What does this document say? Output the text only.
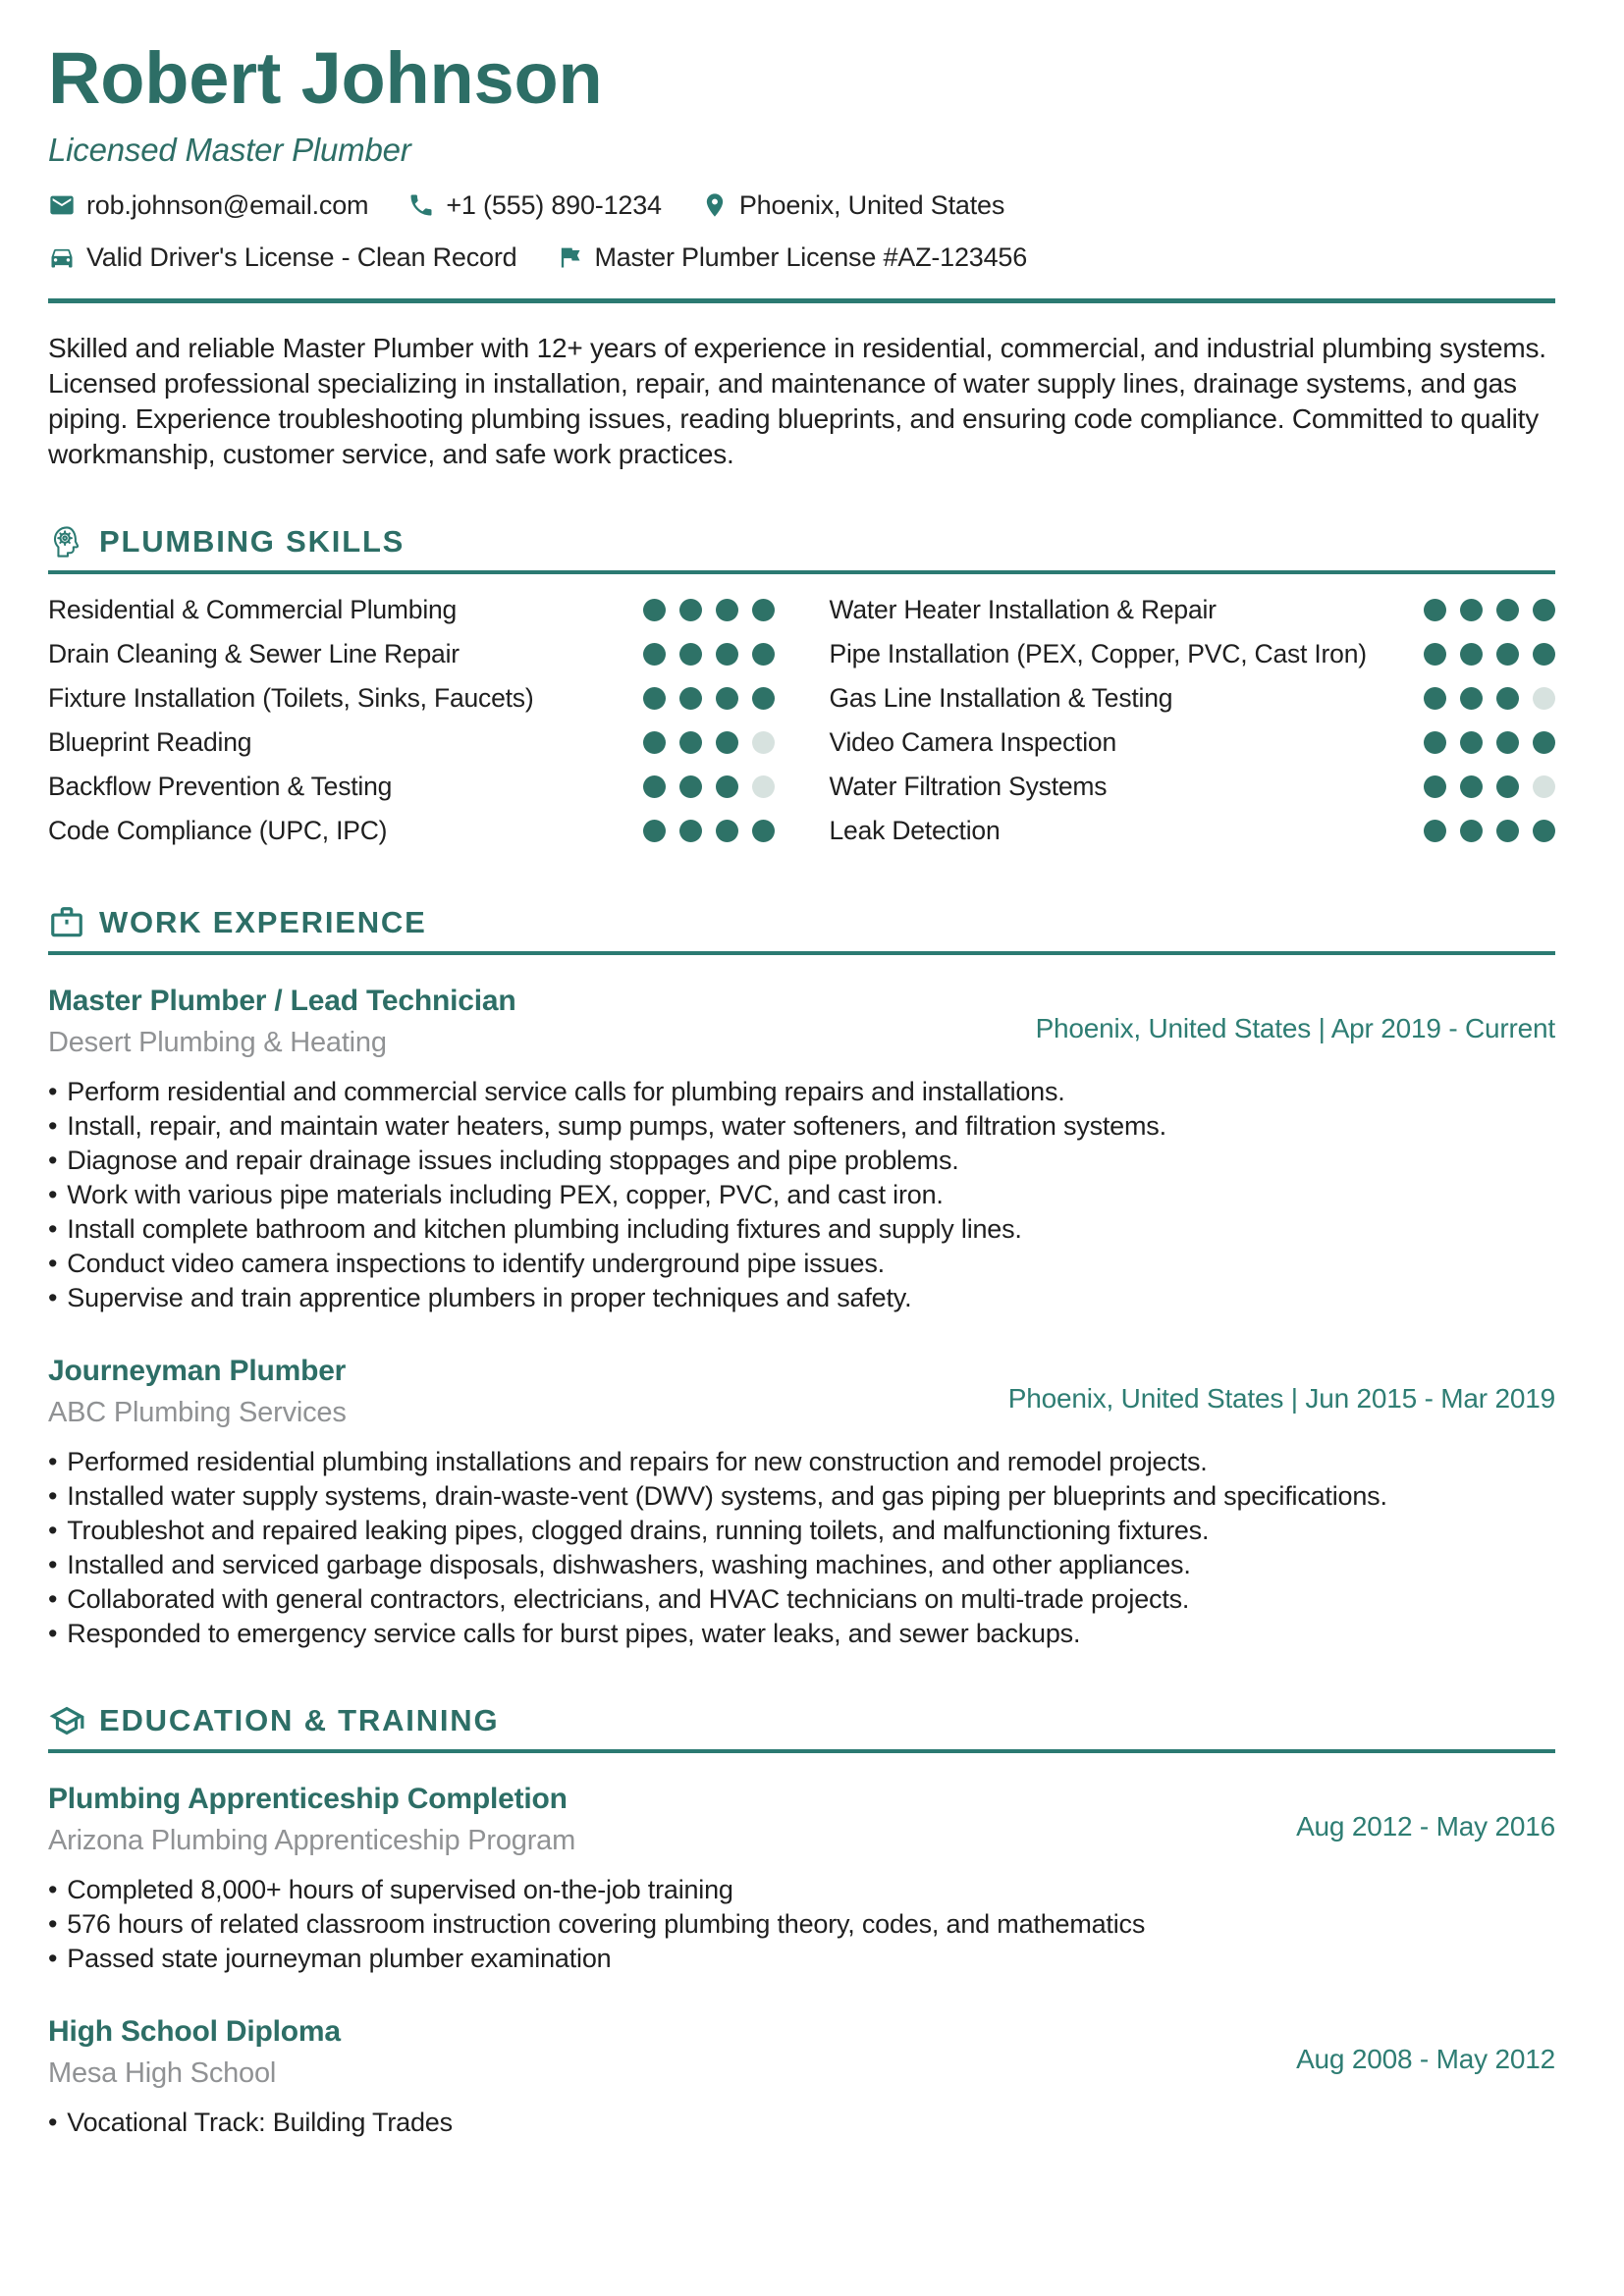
Robert Johnson
Licensed Master Plumber
rob.johnson@email.com	+1 (555) 890-1234	Phoenix, United States
Valid Driver's License - Clean Record	Master Plumber License #AZ-123456

Skilled and reliable Master Plumber with 12+ years of experience in residential, commercial, and industrial plumbing systems. Licensed professional specializing in installation, repair, and maintenance of water supply lines, drainage systems, and gas piping. Experience troubleshooting plumbing issues, reading blueprints, and ensuring code compliance. Committed to quality workmanship, customer service, and safe work practices.

PLUMBING SKILLS
Residential & Commercial Plumbing	Water Heater Installation & Repair
Drain Cleaning & Sewer Line Repair	Pipe Installation (PEX, Copper, PVC, Cast Iron)
Fixture Installation (Toilets, Sinks, Faucets)	Gas Line Installation & Testing
Blueprint Reading	Video Camera Inspection
Backflow Prevention & Testing	Water Filtration Systems
Code Compliance (UPC, IPC)	Leak Detection
WORK EXPERIENCE
Master Plumber / Lead Technician
Desert Plumbing & Heating	Phoenix, United States | Apr 2019 - Current
• Perform residential and commercial service calls for plumbing repairs and installations.
• Install, repair, and maintain water heaters, sump pumps, water softeners, and filtration systems.
• Diagnose and repair drainage issues including stoppages and pipe problems.
• Work with various pipe materials including PEX, copper, PVC, and cast iron.
• Install complete bathroom and kitchen plumbing including fixtures and supply lines.
• Conduct video camera inspections to identify underground pipe issues.
• Supervise and train apprentice plumbers in proper techniques and safety.
Journeyman Plumber
ABC Plumbing Services	Phoenix, United States | Jun 2015 - Mar 2019
• Performed residential plumbing installations and repairs for new construction and remodel projects.
• Installed water supply systems, drain-waste-vent (DWV) systems, and gas piping per blueprints and specifications.
• Troubleshot and repaired leaking pipes, clogged drains, running toilets, and malfunctioning fixtures.
• Installed and serviced garbage disposals, dishwashers, washing machines, and other appliances.
• Collaborated with general contractors, electricians, and HVAC technicians on multi-trade projects.
• Responded to emergency service calls for burst pipes, water leaks, and sewer backups.
EDUCATION & TRAINING
Plumbing Apprenticeship Completion
Arizona Plumbing Apprenticeship Program	Aug 2012 - May 2016
• Completed 8,000+ hours of supervised on-the-job training
• 576 hours of related classroom instruction covering plumbing theory, codes, and mathematics
• Passed state journeyman plumber examination
High School Diploma
Mesa High School	Aug 2008 - May 2012
• Vocational Track: Building Trades
